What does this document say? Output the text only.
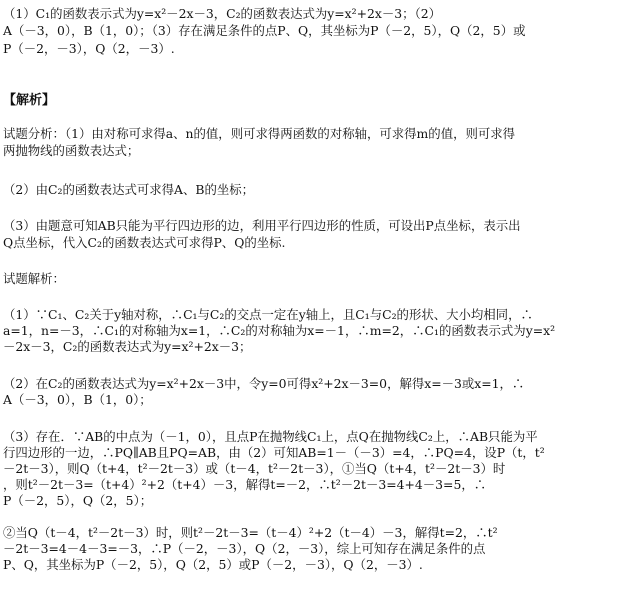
（1）C₁的函数表示式为y=x²－2x－3，C₂的函数表达式为y=x²+2x－3；（2）
A（－3，0），B（1，0）；（3）存在满足条件的点P、Q，其坐标为P（－2，5），Q（2，5）或
P（－2，－3），Q（2，－3）.
【解析】
试题分析：（1）由对称可求得a、n的值，则可求得两函数的对称轴，可求得m的值，则可求得
两抛物线的函数表达式；
（2）由C₂的函数表达式可求得A、B的坐标；
（3）由题意可知AB只能为平行四边形的边，利用平行四边形的性质，可设出P点坐标，表示出
Q点坐标，代入C₂的函数表达式可求得P、Q的坐标.
试题解析：
（1）∵C₁、C₂关于y轴对称，∴C₁与C₂的交点一定在y轴上，且C₁与C₂的形状、大小均相同，∴
a=1，n=－3，∴C₁的对称轴为x=1，∴C₂的对称轴为x=－1，∴m=2，∴C₁的函数表示式为y=x²
－2x－3，C₂的函数表达式为y=x²+2x－3；
（2）在C₂的函数表达式为y=x²+2x－3中，令y=0可得x²+2x－3=0，解得x=－3或x=1，∴
A（－3，0），B（1，0）；
（3）存在．∵AB的中点为（－1，0），且点P在抛物线C₁上，点Q在抛物线C₂上，∴AB只能为平
行四边形的一边，∴PQ∥AB且PQ=AB，由（2）可知AB=1－（－3）=4，∴PQ=4，设P（t，t²
－2t－3），则Q（t+4，t²－2t－3）或（t－4，t²－2t－3），①当Q（t+4，t²－2t－3）时
，则t²－2t－3=（t+4）²+2（t+4）－3，解得t=－2，∴t²－2t－3=4+4－3=5，∴
P（－2，5），Q（2，5）；
②当Q（t－4，t²－2t－3）时，则t²－2t－3=（t－4）²+2（t－4）－3，解得t=2，∴t²
－2t－3=4－4－3=－3，∴P（－2，－3），Q（2，－3），综上可知存在满足条件的点
P、Q，其坐标为P（－2，5），Q（2，5）或P（－2，－3），Q（2，－3）.
